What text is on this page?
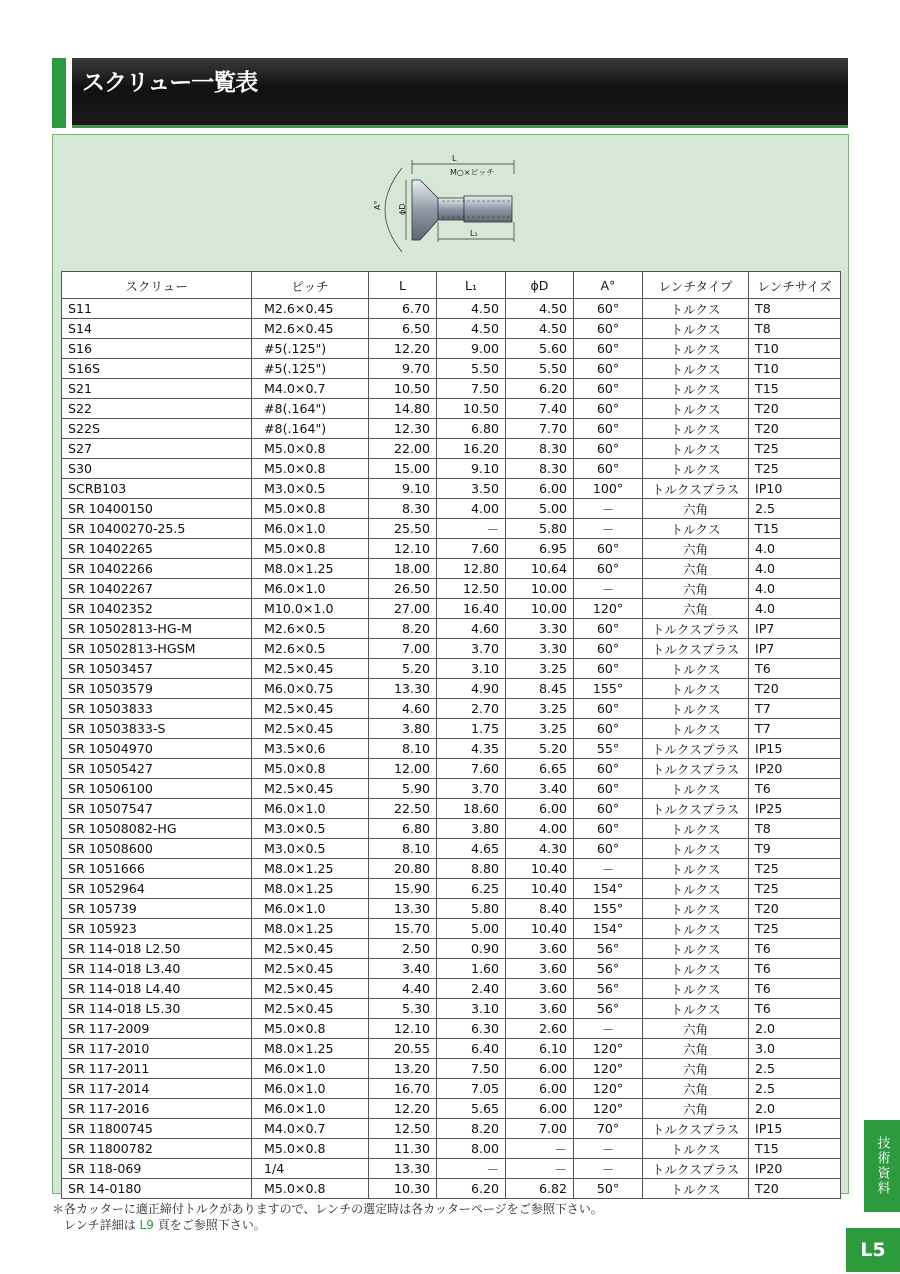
スクリュー一覧表
L
M○×ピッチ
ϕD
A°
L₁
スクリュー	ピッチ	L	L₁	ϕD	A°	レンチタイプ	レンチサイズ
S11	M2.6×0.45	6.70	4.50	4.50	60°	トルクス	T8
S14	M2.6×0.45	6.50	4.50	4.50	60°	トルクス	T8
S16	#5(.125")	12.20	9.00	5.60	60°	トルクス	T10
S16S	#5(.125")	9.70	5.50	5.50	60°	トルクス	T10
S21	M4.0×0.7	10.50	7.50	6.20	60°	トルクス	T15
S22	#8(.164")	14.80	10.50	7.40	60°	トルクス	T20
S22S	#8(.164")	12.30	6.80	7.70	60°	トルクス	T20
S27	M5.0×0.8	22.00	16.20	8.30	60°	トルクス	T25
S30	M5.0×0.8	15.00	9.10	8.30	60°	トルクス	T25
SCRB103	M3.0×0.5	9.10	3.50	6.00	100°	トルクスプラス	IP10
SR 10400150	M5.0×0.8	8.30	4.00	5.00	－	六角	2.5
SR 10400270-25.5	M6.0×1.0	25.50	－	5.80	－	トルクス	T15
SR 10402265	M5.0×0.8	12.10	7.60	6.95	60°	六角	4.0
SR 10402266	M8.0×1.25	18.00	12.80	10.64	60°	六角	4.0
SR 10402267	M6.0×1.0	26.50	12.50	10.00	－	六角	4.0
SR 10402352	M10.0×1.0	27.00	16.40	10.00	120°	六角	4.0
SR 10502813-HG-M	M2.6×0.5	8.20	4.60	3.30	60°	トルクスプラス	IP7
SR 10502813-HGSM	M2.6×0.5	7.00	3.70	3.30	60°	トルクスプラス	IP7
SR 10503457	M2.5×0.45	5.20	3.10	3.25	60°	トルクス	T6
SR 10503579	M6.0×0.75	13.30	4.90	8.45	155°	トルクス	T20
SR 10503833	M2.5×0.45	4.60	2.70	3.25	60°	トルクス	T7
SR 10503833-S	M2.5×0.45	3.80	1.75	3.25	60°	トルクス	T7
SR 10504970	M3.5×0.6	8.10	4.35	5.20	55°	トルクスプラス	IP15
SR 10505427	M5.0×0.8	12.00	7.60	6.65	60°	トルクスプラス	IP20
SR 10506100	M2.5×0.45	5.90	3.70	3.40	60°	トルクス	T6
SR 10507547	M6.0×1.0	22.50	18.60	6.00	60°	トルクスプラス	IP25
SR 10508082-HG	M3.0×0.5	6.80	3.80	4.00	60°	トルクス	T8
SR 10508600	M3.0×0.5	8.10	4.65	4.30	60°	トルクス	T9
SR 1051666	M8.0×1.25	20.80	8.80	10.40	－	トルクス	T25
SR 1052964	M8.0×1.25	15.90	6.25	10.40	154°	トルクス	T25
SR 105739	M6.0×1.0	13.30	5.80	8.40	155°	トルクス	T20
SR 105923	M8.0×1.25	15.70	5.00	10.40	154°	トルクス	T25
SR 114-018 L2.50	M2.5×0.45	2.50	0.90	3.60	56°	トルクス	T6
SR 114-018 L3.40	M2.5×0.45	3.40	1.60	3.60	56°	トルクス	T6
SR 114-018 L4.40	M2.5×0.45	4.40	2.40	3.60	56°	トルクス	T6
SR 114-018 L5.30	M2.5×0.45	5.30	3.10	3.60	56°	トルクス	T6
SR 117-2009	M5.0×0.8	12.10	6.30	2.60	－	六角	2.0
SR 117-2010	M8.0×1.25	20.55	6.40	6.10	120°	六角	3.0
SR 117-2011	M6.0×1.0	13.20	7.50	6.00	120°	六角	2.5
SR 117-2014	M6.0×1.0	16.70	7.05	6.00	120°	六角	2.5
SR 117-2016	M6.0×1.0	12.20	5.65	6.00	120°	六角	2.0
SR 11800745	M4.0×0.7	12.50	8.20	7.00	70°	トルクスプラス	IP15
SR 11800782	M5.0×0.8	11.30	8.00	－	－	トルクス	T15
SR 118-069	1/4	13.30	－	－	－	トルクスプラス	IP20
SR 14-0180	M5.0×0.8	10.30	6.20	6.82	50°	トルクス	T20
＊各カッターに適正締付トルクがありますので、レンチの選定時は各カッターページをご参照下さい。
　レンチ詳細は L9 頁をご参照下さい。
技術資料
L5
